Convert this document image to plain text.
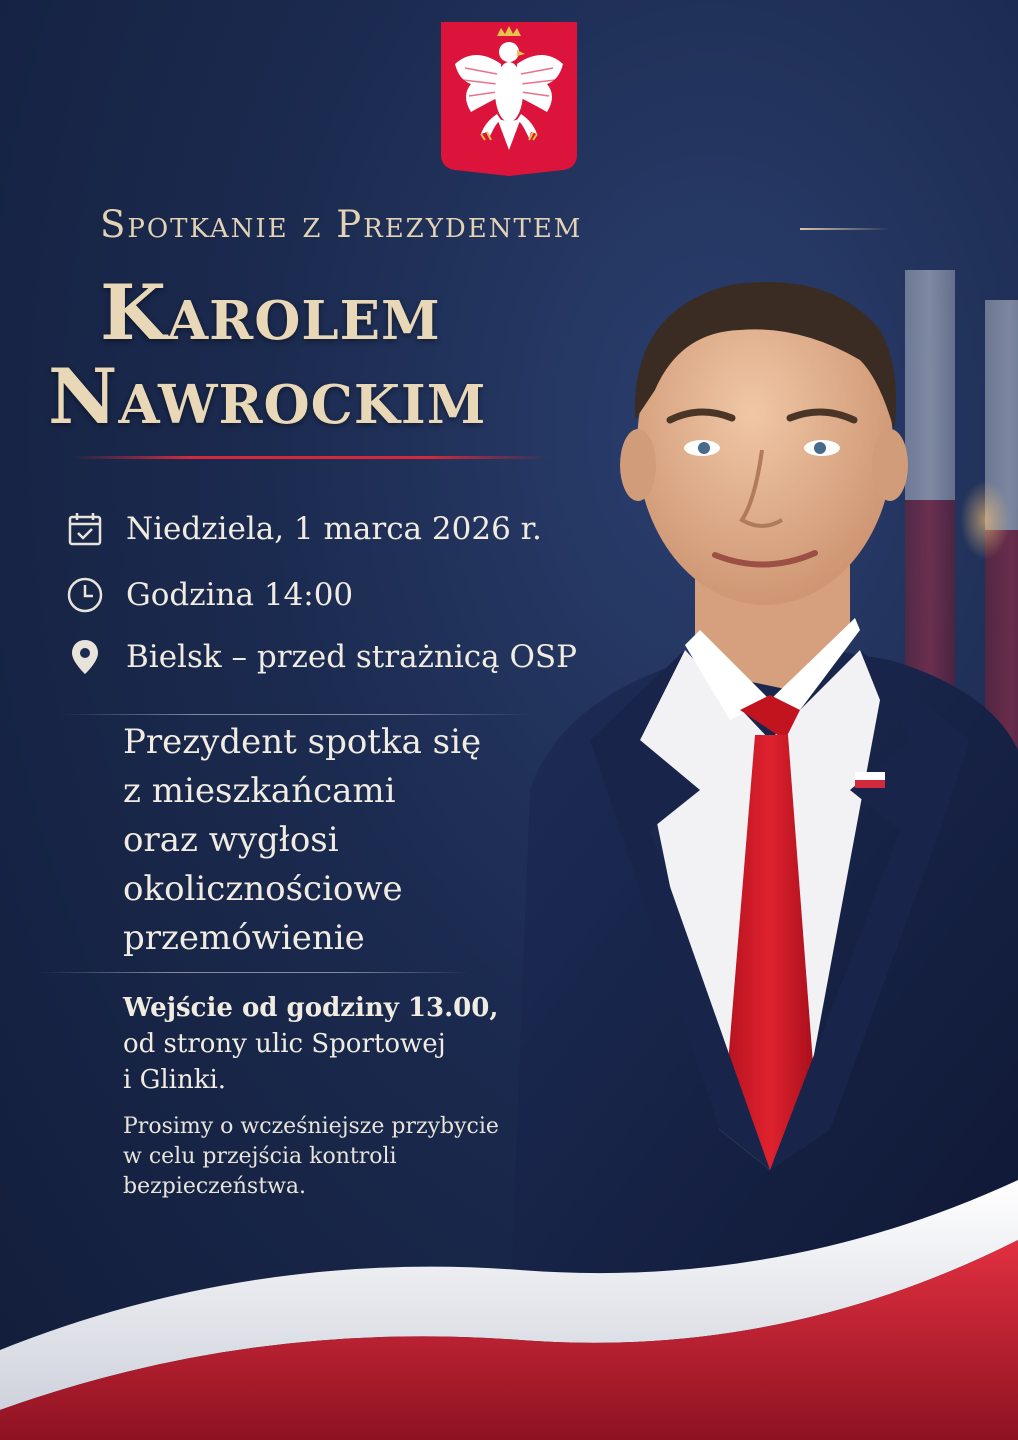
Spotkanie z Prezydentem
Karolem
Nawrockim
Niedziela, 1 marca 2026 r.
Godzina 14:00
Bielsk – przed strażnicą OSP
Prezydent spotka się
z mieszkańcami
oraz wygłosi
okolicznościowe
przemówienie
Wejście od godziny 13.00,
od strony ulic Sportowej
i Glinki.
Prosimy o wcześniejsze przybycie
w celu przejścia kontroli
bezpieczeństwa.
